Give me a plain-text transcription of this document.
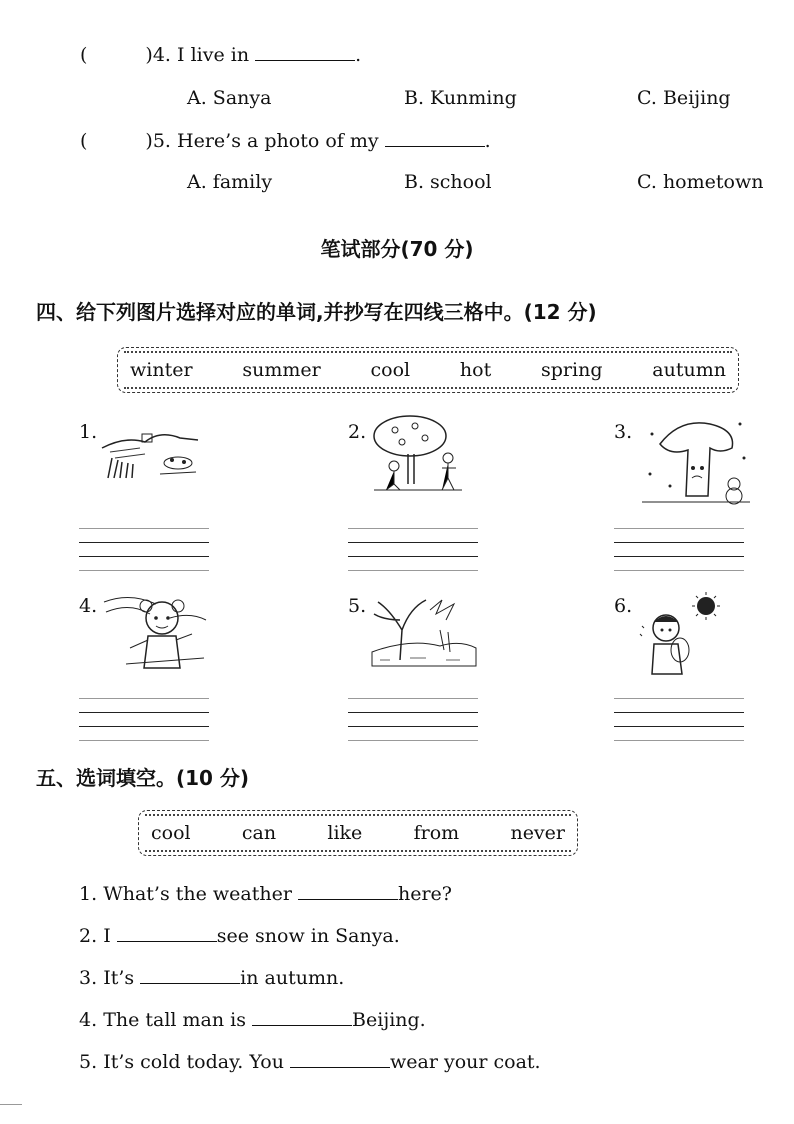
(	)4. I live in	.
A. Sanya	B. Kunming	C. Beijing
(	)5. Here’s a photo of my	.
A. family	B. school	C. hometown
笔试部分(70 分)
四、给下列图片选择对应的单词,并抄写在四线三格中。(12 分)
winter	summer	cool	hot	spring	autumn
1.	2.	3.
4.	5.	6.
五、选词填空。(10 分)
cool	can	like	from	never
1. What’s the weather	here?
2. I	see snow in Sanya.
3. It’s	in autumn.
4. The tall man is	Beijing.
5. It’s cold today. You	wear your coat.
